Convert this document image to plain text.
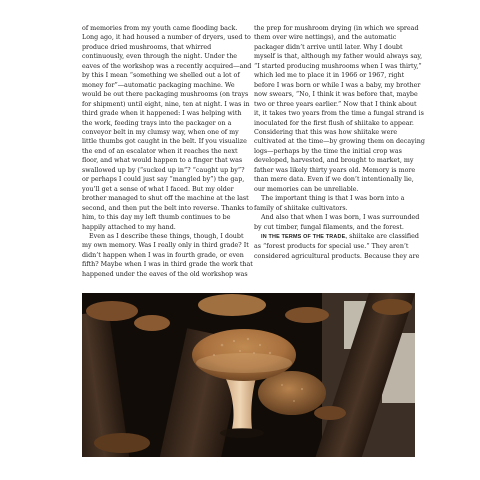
of memories from my youth came flooding back. Long ago, it had housed a number of dryers, used to produce dried mushrooms, that whirred continuously, even through the night. Under the eaves of the workshop was a recently acquired—and by this I mean “something we shelled out a lot of money for”—automatic packaging machine. We would be out there packaging mushrooms (on trays for shipment) until eight, nine, ten at night. I was in third grade when it happened: I was helping with the work, feeding trays into the packager on a conveyor belt in my clumsy way, when one of my little thumbs got caught in the belt. If you visualize the end of an escalator when it reaches the next floor, and what would happen to a finger that was swallowed up by (“sucked up in”? “caught up by”? or perhaps I could just say “mangled by”) the gap, you’ll get a sense of what I faced. But my older brother managed to shut off the machine at the last second, and then put the belt into reverse. Thanks to him, to this day my left thumb continues to be happily attached to my hand.

Even as I describe these things, though, I doubt my own memory. Was I really only in third grade? It didn’t happen when I was in fourth grade, or even fifth? Maybe when I was in third grade the work that happened under the eaves of the old workshop was

the prep for mushroom drying (in which we spread them over wire nettings), and the automatic packager didn’t arrive until later. Why I doubt myself is that, although my father would always say, “I started producing mushrooms when I was thirty,” which led me to place it in 1966 or 1967, right before I was born or while I was a baby, my brother now swears, “No, I think it was before that, maybe two or three years earlier.” Now that I think about it, it takes two years from the time a fungal strand is inoculated for the first flush of shiitake to appear. Considering that this was how shiitake were cultivated at the time—by growing them on decaying logs—perhaps by the time the initial crop was developed, harvested, and brought to market, my father was likely thirty years old. Memory is more than mere data. Even if we don’t intentionally lie, our memories can be unreliable.

The important thing is that I was born into a family of shiitake cultivators.

And also that when I was born, I was surrounded by cut timber, fungal filaments, and the forest.

IN THE TERMS OF THE TRADE, shiitake are classified as “forest products for special use.” They aren’t considered agricultural products. Because they are
